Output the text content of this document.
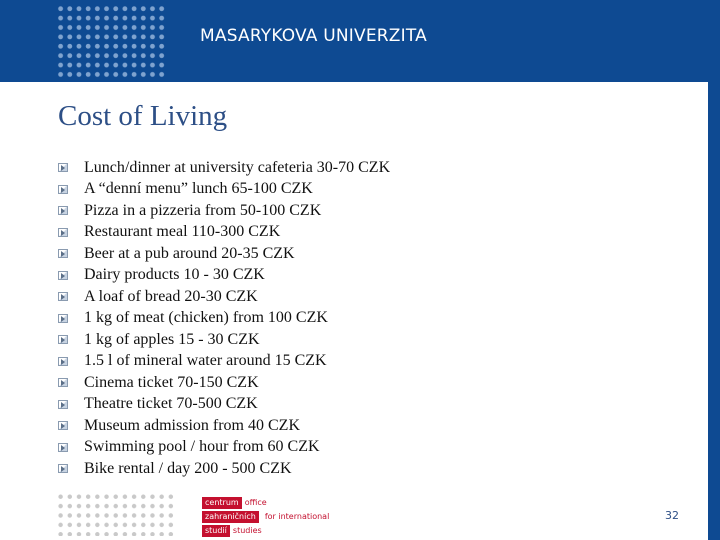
MASARYKOVA UNIVERZITA
Cost of Living
Lunch/dinner at university cafeteria 30-70 CZK
A “denní menu” lunch 65-100 CZK
Pizza in a pizzeria from 50-100 CZK
Restaurant meal 110-300 CZK
Beer at a pub around 20-35 CZK
Dairy products 10 - 30 CZK
A loaf of bread 20-30 CZK
1 kg of meat (chicken) from 100 CZK
1 kg of apples 15 - 30 CZK
1.5 l of mineral water around 15 CZK
Cinema ticket 70-150 CZK
Theatre ticket 70-500 CZK
Museum admission from 40 CZK
Swimming pool / hour from 60 CZK
Bike rental / day 200 - 500 CZK
centrum office
zahraničních	for international
studií studies
32
